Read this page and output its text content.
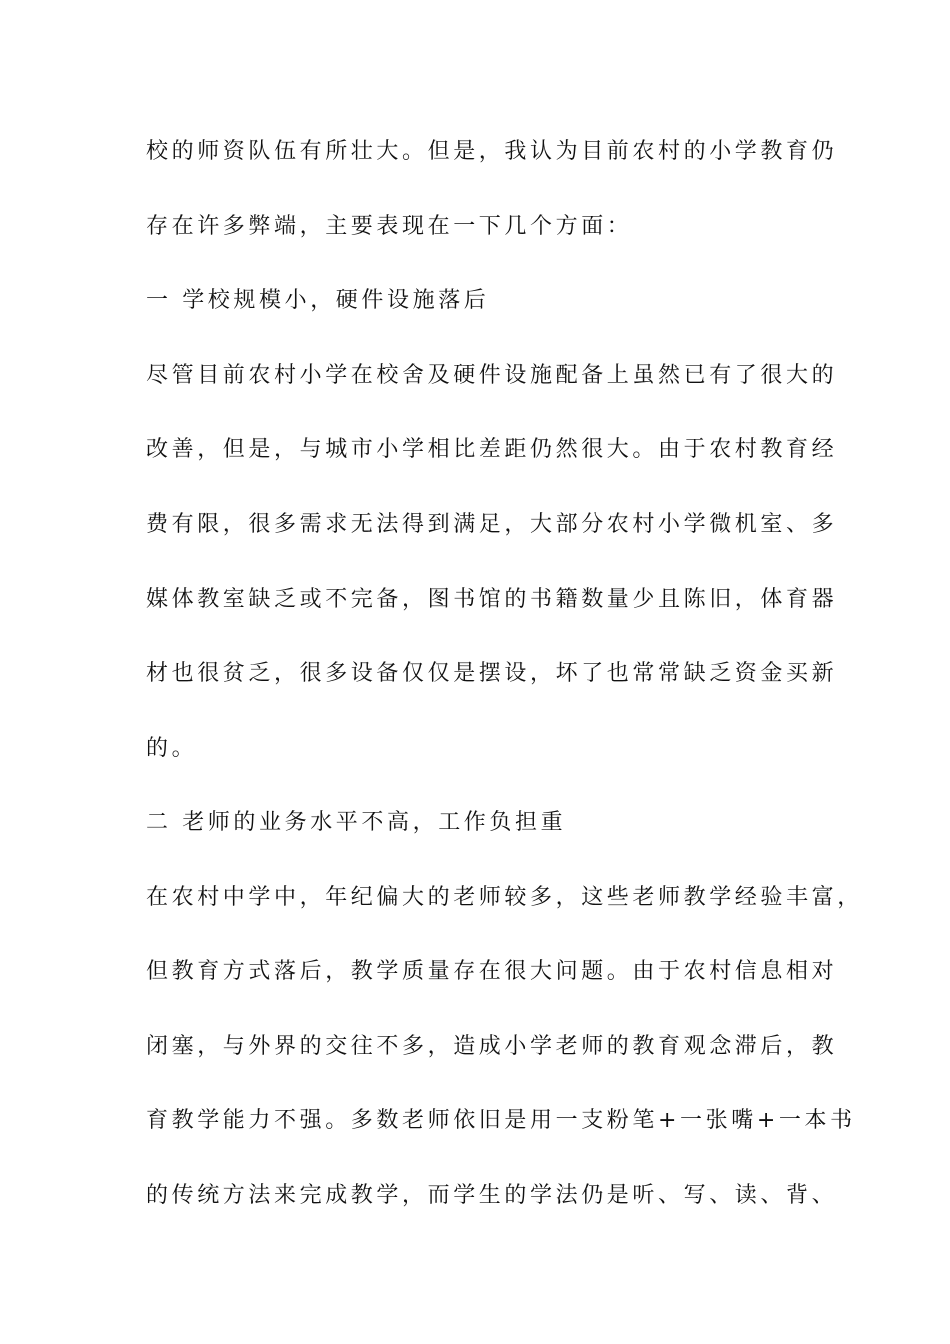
校的师资队伍有所壮大。但是，我认为目前农村的小学教育仍
存在许多弊端，主要表现在一下几个方面：
一 学校规模小，硬件设施落后
尽管目前农村小学在校舍及硬件设施配备上虽然已有了很大的
改善，但是，与城市小学相比差距仍然很大。由于农村教育经
费有限，很多需求无法得到满足，大部分农村小学微机室、多
媒体教室缺乏或不完备，图书馆的书籍数量少且陈旧，体育器
材也很贫乏，很多设备仅仅是摆设，坏了也常常缺乏资金买新
的。
二 老师的业务水平不高，工作负担重
在农村中学中，年纪偏大的老师较多，这些老师教学经验丰富，
但教育方式落后，教学质量存在很大问题。由于农村信息相对
闭塞，与外界的交往不多，造成小学老师的教育观念滞后，教
育教学能力不强。多数老师依旧是用一支粉笔+一张嘴+一本书
的传统方法来完成教学，而学生的学法仍是听、写、读、背、
